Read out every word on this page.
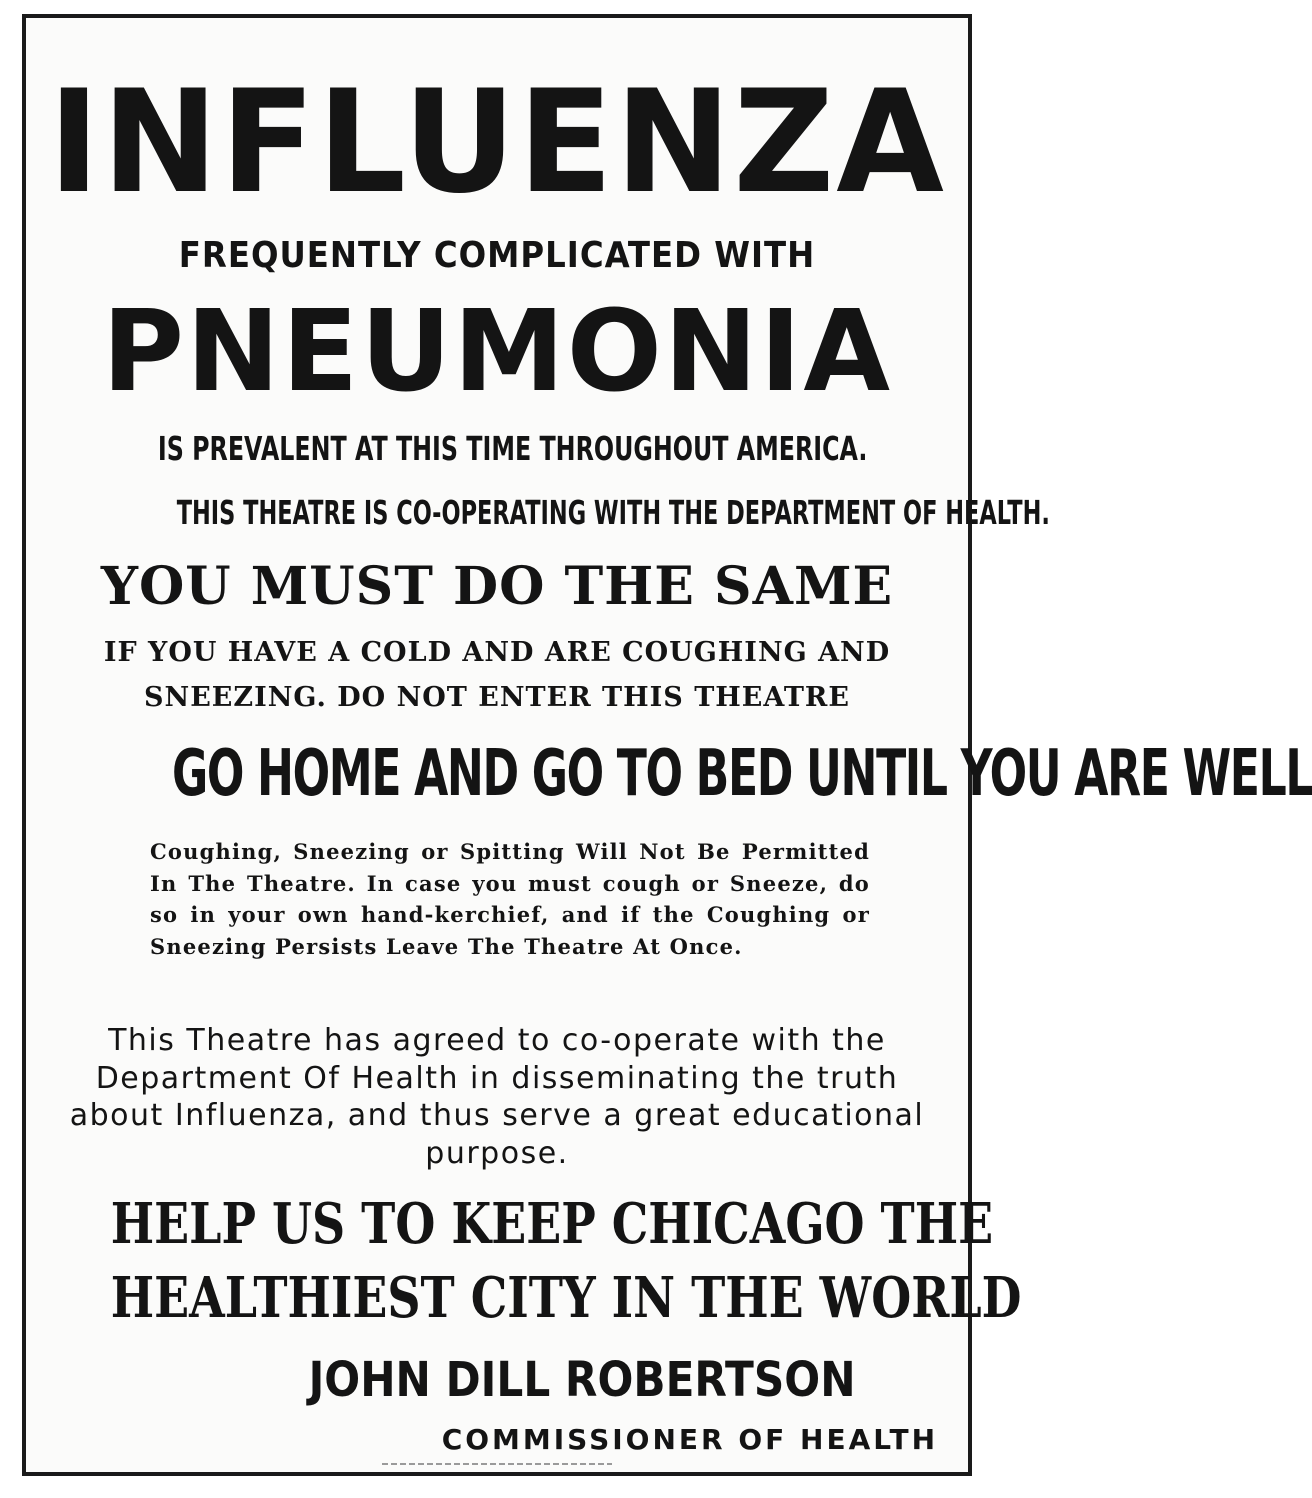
INFLUENZA
FREQUENTLY COMPLICATED WITH
PNEUMONIA
IS PREVALENT AT THIS TIME THROUGHOUT AMERICA.
THIS THEATRE IS CO-OPERATING WITH THE DEPARTMENT OF HEALTH.
YOU MUST DO THE SAME
IF YOU HAVE A COLD AND ARE COUGHING AND
SNEEZING. DO NOT ENTER THIS THEATRE
GO HOME AND GO TO BED UNTIL YOU ARE WELL
Coughing, Sneezing or Spitting Will Not Be Permitted In The Theatre. In case you must cough or Sneeze, do so in your own hand-kerchief, and if the Coughing or Sneezing Persists Leave The Theatre At Once.
This Theatre has agreed to co-operate with the Department Of Health in disseminating the truth about Influenza, and thus serve a great educational purpose.
HELP US TO KEEP CHICAGO THE
HEALTHIEST CITY IN THE WORLD
JOHN DILL ROBERTSON
COMMISSIONER OF HEALTH
